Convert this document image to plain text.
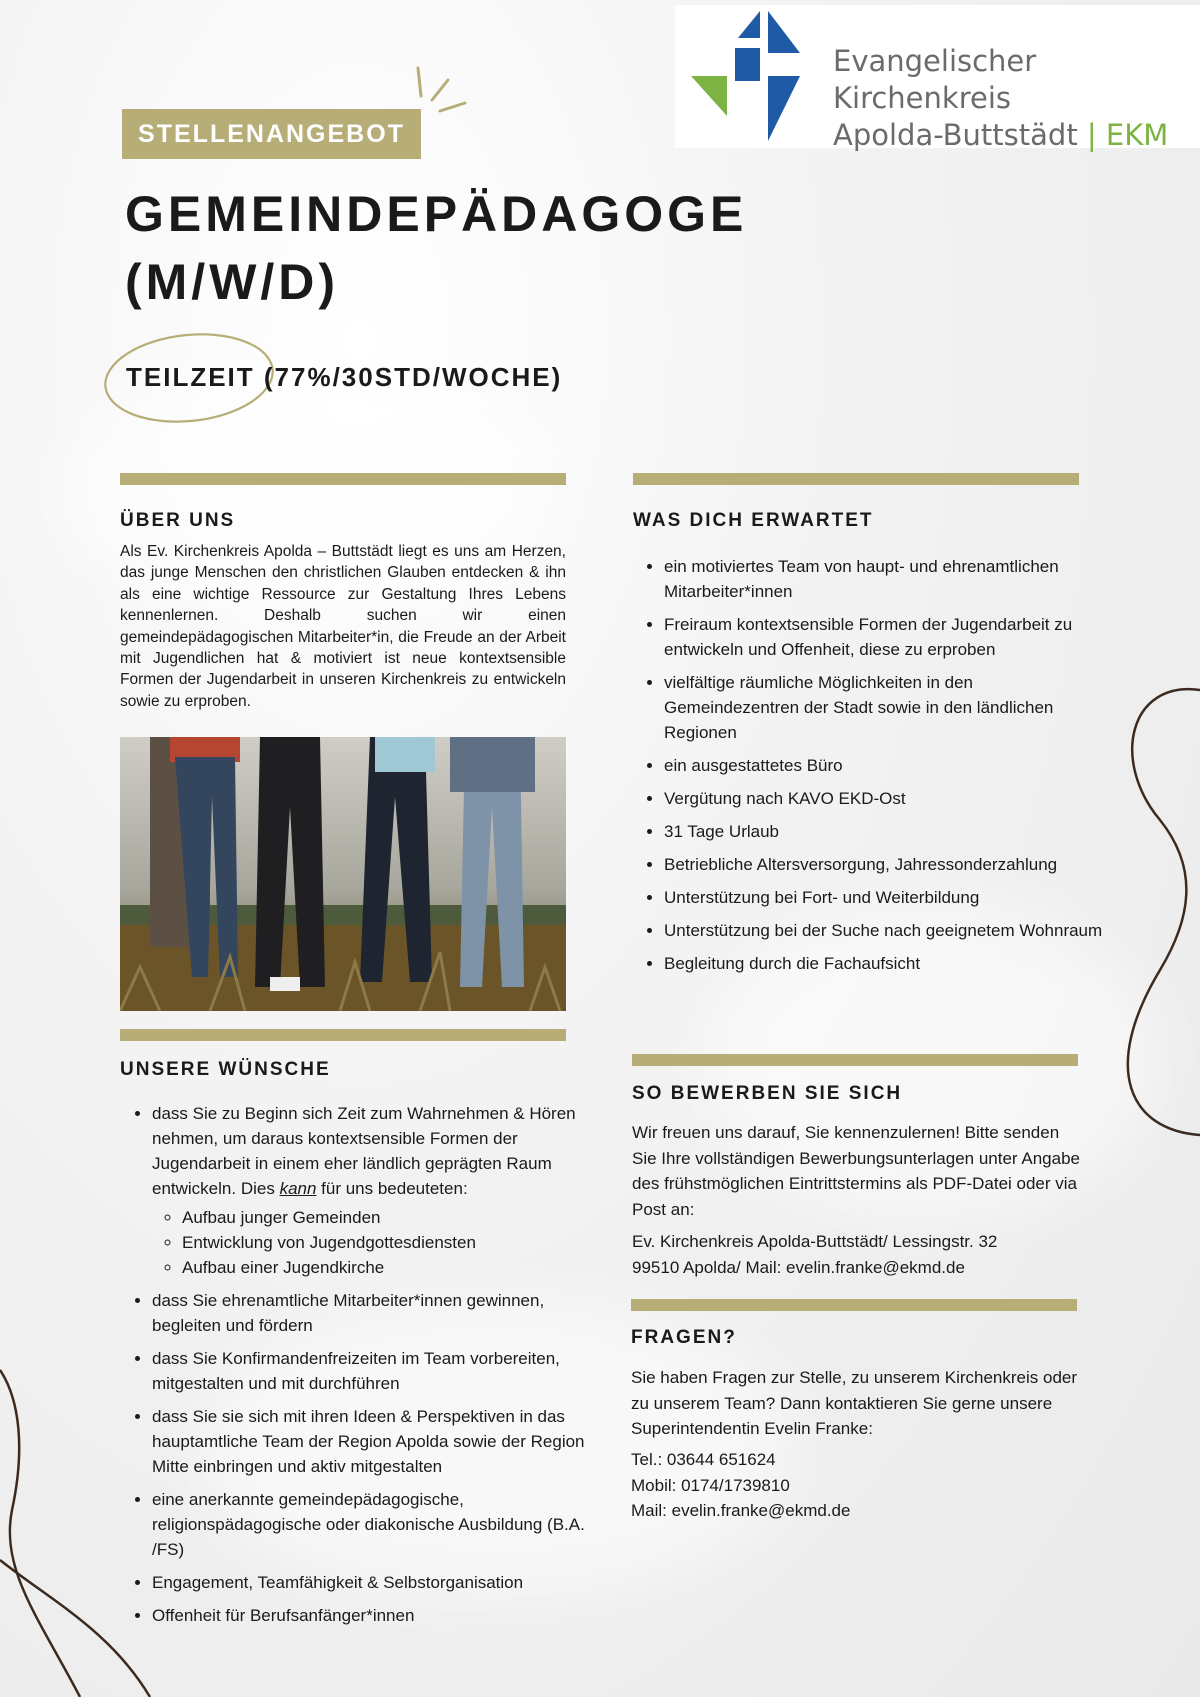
Evangelischer Kirchenkreis
Apolda-Buttstädt | EKM
STELLENANGEBOT
GEMEINDEPÄDAGOGE
(M/W/D)
TEILZEIT (77%/30STD/WOCHE)
ÜBER UNS
Als Ev. Kirchenkreis Apolda – Buttstädt liegt es uns am Herzen, das junge Menschen den christlichen Glauben entdecken & ihn als eine wichtige Ressource zur Gestaltung Ihres Lebens kennenlernen. Deshalb suchen wir einen gemeindepädagogischen Mitarbeiter*in, die Freude an der Arbeit mit Jugendlichen hat & motiviert ist neue kontextsensible Formen der Jugendarbeit in unseren Kirchenkreis zu entwickeln sowie zu erproben.
UNSERE WÜNSCHE
• dass Sie zu Beginn sich Zeit zum Wahrnehmen & Hören nehmen, um daraus kontextsensible Formen der Jugendarbeit in einem eher ländlich geprägten Raum entwickeln. Dies kann für uns bedeuteten:
◦ Aufbau junger Gemeinden
◦ Entwicklung von Jugendgottesdiensten
◦ Aufbau einer Jugendkirche
• dass Sie ehrenamtliche Mitarbeiter*innen gewinnen, begleiten und fördern
• dass Sie Konfirmandenfreizeiten im Team vorbereiten, mitgestalten und mit durchführen
• dass Sie sie sich mit ihren Ideen & Perspektiven in das hauptamtliche Team der Region Apolda sowie der Region Mitte einbringen und aktiv mitgestalten
• eine anerkannte gemeindepädagogische, religionspädagogische oder diakonische Ausbildung (B.A. /FS)
• Engagement, Teamfähigkeit & Selbstorganisation
• Offenheit für Berufsanfänger*innen
WAS DICH ERWARTET
• ein motiviertes Team von haupt- und ehrenamtlichen Mitarbeiter*innen
• Freiraum kontextsensible Formen der Jugendarbeit zu entwickeln und Offenheit, diese zu erproben
• vielfältige räumliche Möglichkeiten in den Gemeindezentren der Stadt sowie in den ländlichen Regionen
• ein ausgestattetes Büro
• Vergütung nach KAVO EKD-Ost
• 31 Tage Urlaub
• Betriebliche Altersversorgung, Jahressonderzahlung
• Unterstützung bei Fort- und Weiterbildung
• Unterstützung bei der Suche nach geeignetem Wohnraum
• Begleitung durch die Fachaufsicht
SO BEWERBEN SIE SICH
Wir freuen uns darauf, Sie kennenzulernen! Bitte senden Sie Ihre vollständigen Bewerbungsunterlagen unter Angabe des frühstmöglichen Eintrittstermins als PDF-Datei oder via Post an:
Ev. Kirchenkreis Apolda-Buttstädt/ Lessingstr. 32
99510 Apolda/ Mail: evelin.franke@ekmd.de
FRAGEN?
Sie haben Fragen zur Stelle, zu unserem Kirchenkreis oder zu unserem Team? Dann kontaktieren Sie gerne unsere Superintendentin Evelin Franke:
Tel.: 03644 651624
Mobil: 0174/1739810
Mail: evelin.franke@ekmd.de
